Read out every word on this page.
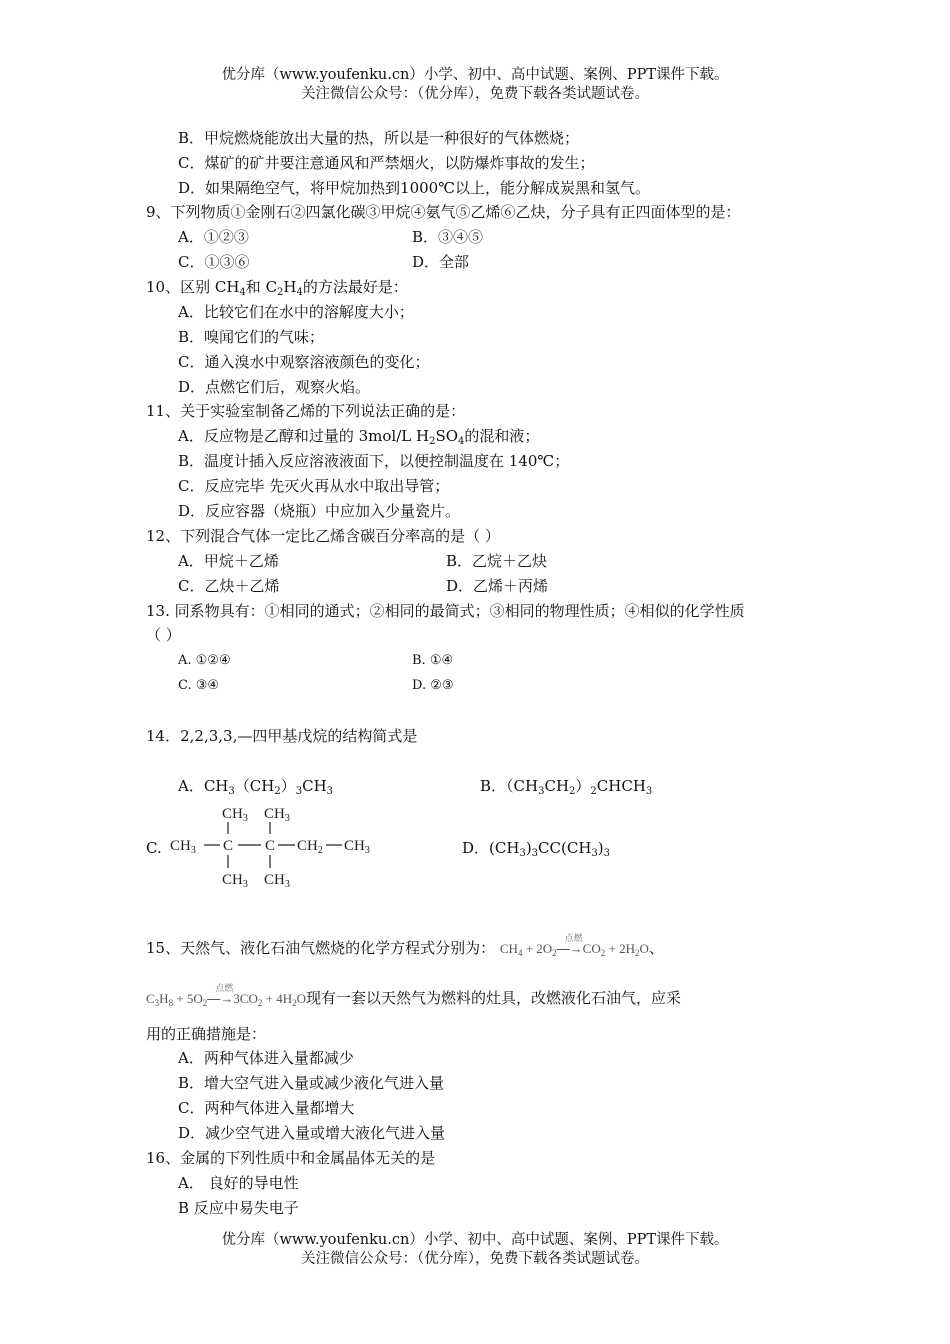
优分库（www.youfenku.cn）小学、初中、高中试题、案例、PPT课件下载。
关注微信公众号：（优分库），免费下载各类试题试卷。
B．甲烷燃烧能放出大量的热，所以是一种很好的气体燃烧；
C．煤矿的矿井要注意通风和严禁烟火，以防爆炸事故的发生；
D．如果隔绝空气，将甲烷加热到1000℃以上，能分解成炭黑和氢气。
9、下列物质①金刚石②四氯化碳③甲烷④氨气⑤乙烯⑥乙炔，分子具有正四面体型的是：
A．①②③	B．③④⑤
C．①③⑥	D．全部
10、区别 $CH_4$和 $C_2H_4$的方法最好是：
A．比较它们在水中的溶解度大小；
B．嗅闻它们的气味；
C．通入溴水中观察溶液颜色的变化；
D．点燃它们后，观察火焰。
11、关于实验室制备乙烯的下列说法正确的是：
A．反应物是乙醇和过量的 3mol/L $H_2SO_4$的混和液；
B．温度计插入反应溶液液面下，以便控制温度在 140℃；
C．反应完毕 先灭火再从水中取出导管；
D．反应容器（烧瓶）中应加入少量瓷片。
12、下列混合气体一定比乙烯含碳百分率高的是（ ）
A．甲烷＋乙烯	B．乙烷＋乙炔
C．乙炔＋乙烯	D．乙烯＋丙烯
13. 同系物具有：①相同的通式；②相同的最简式；③相同的物理性质；④相似的化学性质
（ ）
A. ①②④	B. ①④
C. ③④	D. ②③
14．2,2,3,3,—四甲基戊烷的结构简式是
A．$CH_3(CH_2)_3CH_3$	B．$(CH_3CH_2)_2CHCH_3$
C.
$CH_3$ $CH_3$
$CH_3$ C C $CH_2$ $CH_3$
$CH_3$ $CH_3$
D．$(CH_3)_3CC(CH_3)_3$
15、天然气、液化石油气燃烧的化学方程式分别为： $CH_4 + 2O_2$
点燃
$⎯⎯\to CO_2 + 2H_2O$、
$C_3H_8 + 5O_2$
点燃
$⎯⎯\to 3CO_2 + 4H_2O$现有一套以天然气为燃料的灶具，改燃液化石油气，应采
用的正确措施是：
A．两种气体进入量都减少
B．增大空气进入量或减少液化气进入量
C．两种气体进入量都增大
D．减少空气进入量或增大液化气进入量
16、金属的下列性质中和金属晶体无关的是
A． 良好的导电性
B 反应中易失电子
优分库（www.youfenku.cn）小学、初中、高中试题、案例、PPT课件下载。
关注微信公众号：（优分库），免费下载各类试题试卷。
